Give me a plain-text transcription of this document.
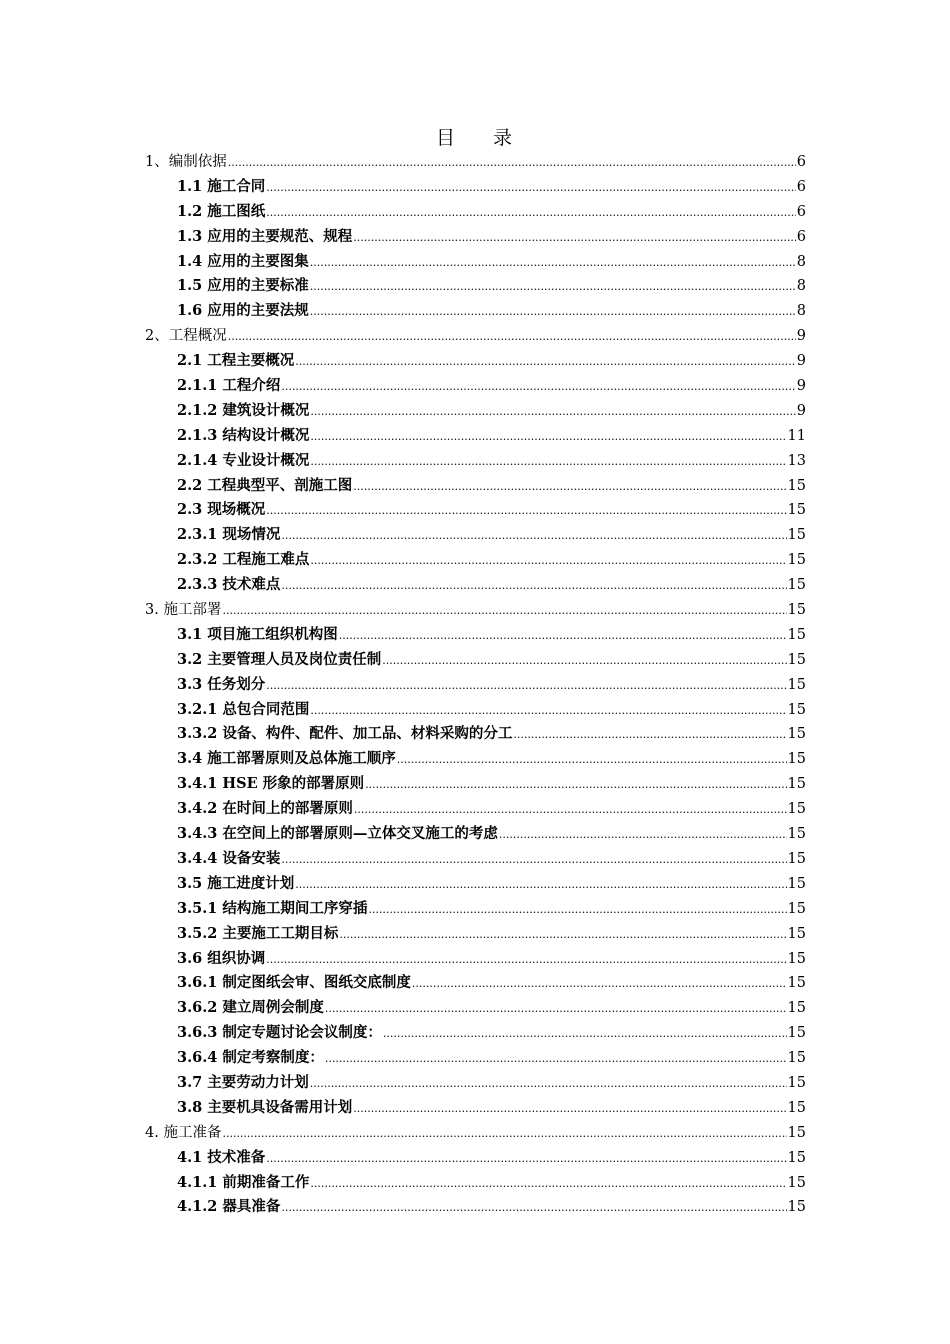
目 录
1、编制依据 .....	6
1.1 施工合同 .....	6
1.2 施工图纸 .....	6
1.3 应用的主要规范、规程 .....	6
1.4 应用的主要图集 .....	8
1.5 应用的主要标准 .....	8
1.6 应用的主要法规 .....	8
2、工程概况 .....	9
2.1 工程主要概况 .....	9
2.1.1 工程介绍 .....	9
2.1.2 建筑设计概况 .....	9
2.1.3 结构设计概况 .....	11
2.1.4 专业设计概况 .....	13
2.2 工程典型平、剖施工图 .....	15
2.3 现场概况 .....	15
2.3.1 现场情况 .....	15
2.3.2 工程施工难点 .....	15
2.3.3 技术难点 .....	15
3. 施工部署 .....	15
3.1 项目施工组织机构图 .....	15
3.2 主要管理人员及岗位责任制 .....	15
3.3 任务划分 .....	15
3.2.1 总包合同范围 .....	15
3.3.2 设备、构件、配件、加工品、材料采购的分工 .....	15
3.4 施工部署原则及总体施工顺序 .....	15
3.4.1 HSE 形象的部署原则 .....	15
3.4.2 在时间上的部署原则 .....	15
3.4.3 在空间上的部署原则—立体交叉施工的考虑 .....	15
3.4.4 设备安装 .....	15
3.5 施工进度计划 .....	15
3.5.1 结构施工期间工序穿插 .....	15
3.5.2 主要施工工期目标 .....	15
3.6 组织协调 .....	15
3.6.1 制定图纸会审、图纸交底制度 .....	15
3.6.2 建立周例会制度 .....	15
3.6.3 制定专题讨论会议制度： .....	15
3.6.4 制定考察制度： .....	15
3.7 主要劳动力计划 .....	15
3.8 主要机具设备需用计划 .....	15
4. 施工准备 .....	15
4.1 技术准备 .....	15
4.1.1 前期准备工作 .....	15
4.1.2 器具准备 .....	15
